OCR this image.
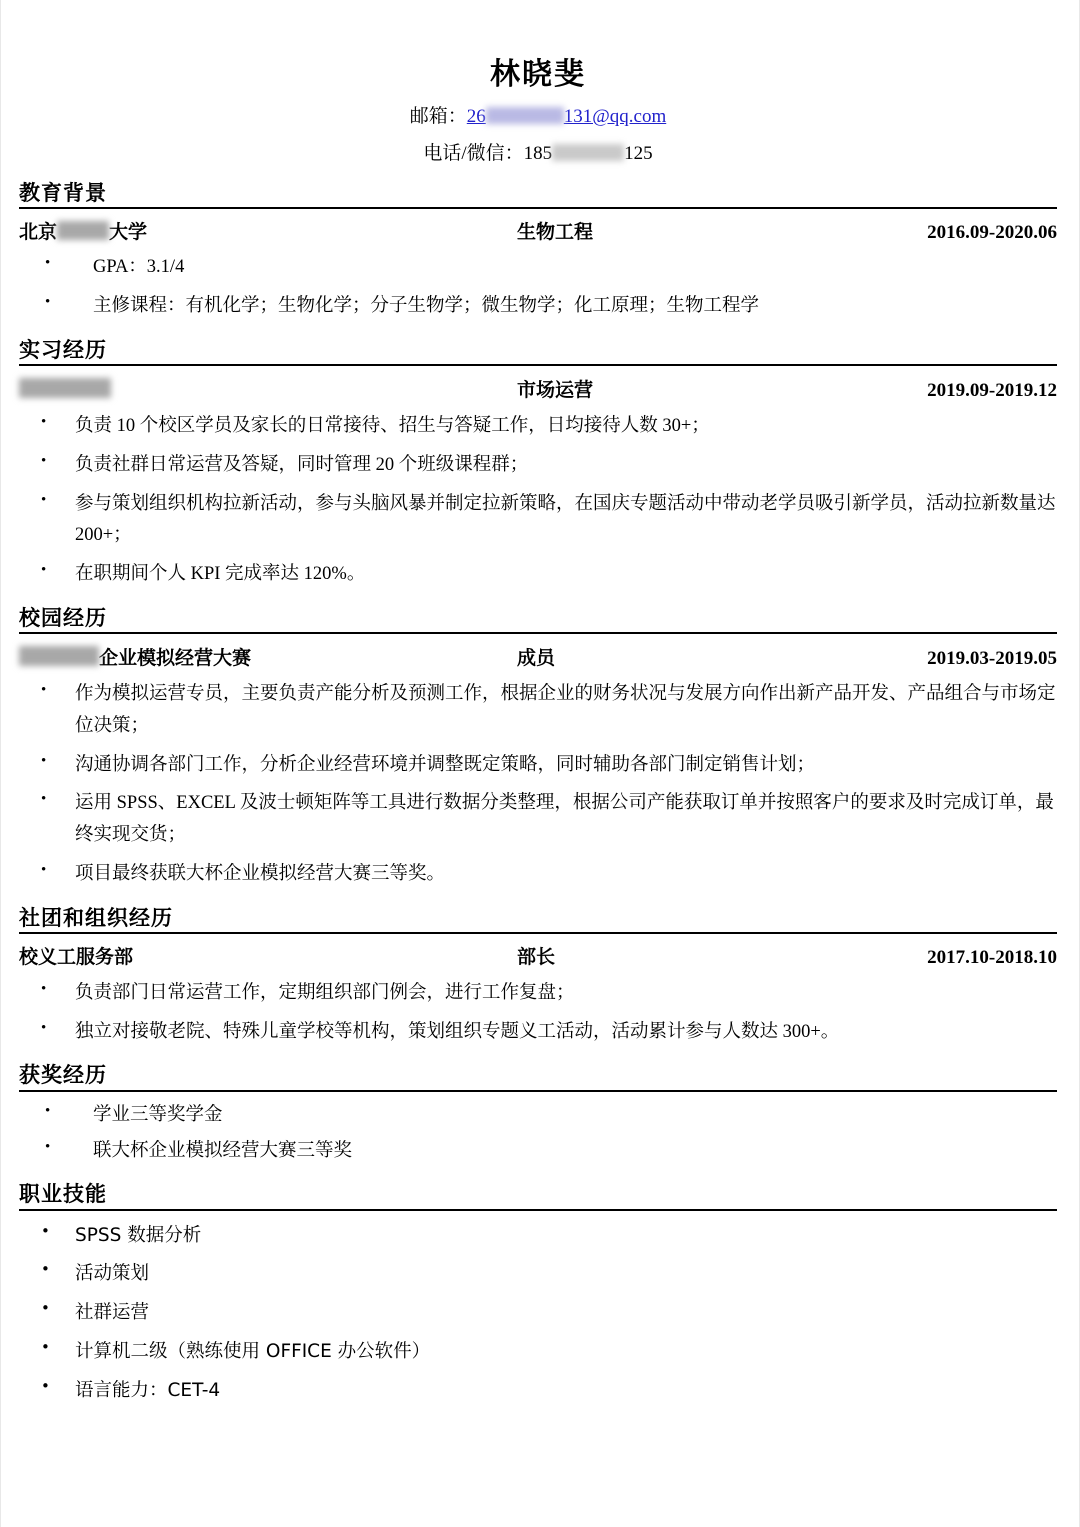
林晓斐
邮箱：26	131@qq.com
电话/微信：185	125
教育背景
北京	大学	生物工程	2016.09-2020.06
• GPA：3.1/4
• 主修课程：有机化学；生物化学；分子生物学；微生物学；化工原理；生物工程学
实习经历
市场运营	2019.09-2019.12
• 负责 10 个校区学员及家长的日常接待、招生与答疑工作，日均接待人数 30+；
• 负责社群日常运营及答疑，同时管理 20 个班级课程群；
• 参与策划组织机构拉新活动，参与头脑风暴并制定拉新策略，在国庆专题活动中带动老学员吸引新学员，活动拉新数量达 200+；
• 在职期间个人 KPI 完成率达 120%。
校园经历
企业模拟经营大赛	成员	2019.03-2019.05
• 作为模拟运营专员，主要负责产能分析及预测工作，根据企业的财务状况与发展方向作出新产品开发、产品组合与市场定位决策；
• 沟通协调各部门工作，分析企业经营环境并调整既定策略，同时辅助各部门制定销售计划；
• 运用 SPSS、EXCEL 及波士顿矩阵等工具进行数据分类整理，根据公司产能获取订单并按照客户的要求及时完成订单，最终实现交货；
• 项目最终获联大杯企业模拟经营大赛三等奖。
社团和组织经历
校义工服务部	部长	2017.10-2018.10
• 负责部门日常运营工作，定期组织部门例会，进行工作复盘；
• 独立对接敬老院、特殊儿童学校等机构，策划组织专题义工活动，活动累计参与人数达 300+。
获奖经历
• 学业三等奖学金
• 联大杯企业模拟经营大赛三等奖
职业技能
• SPSS 数据分析
• 活动策划
• 社群运营
• 计算机二级（熟练使用 OFFICE 办公软件）
• 语言能力：CET-4
